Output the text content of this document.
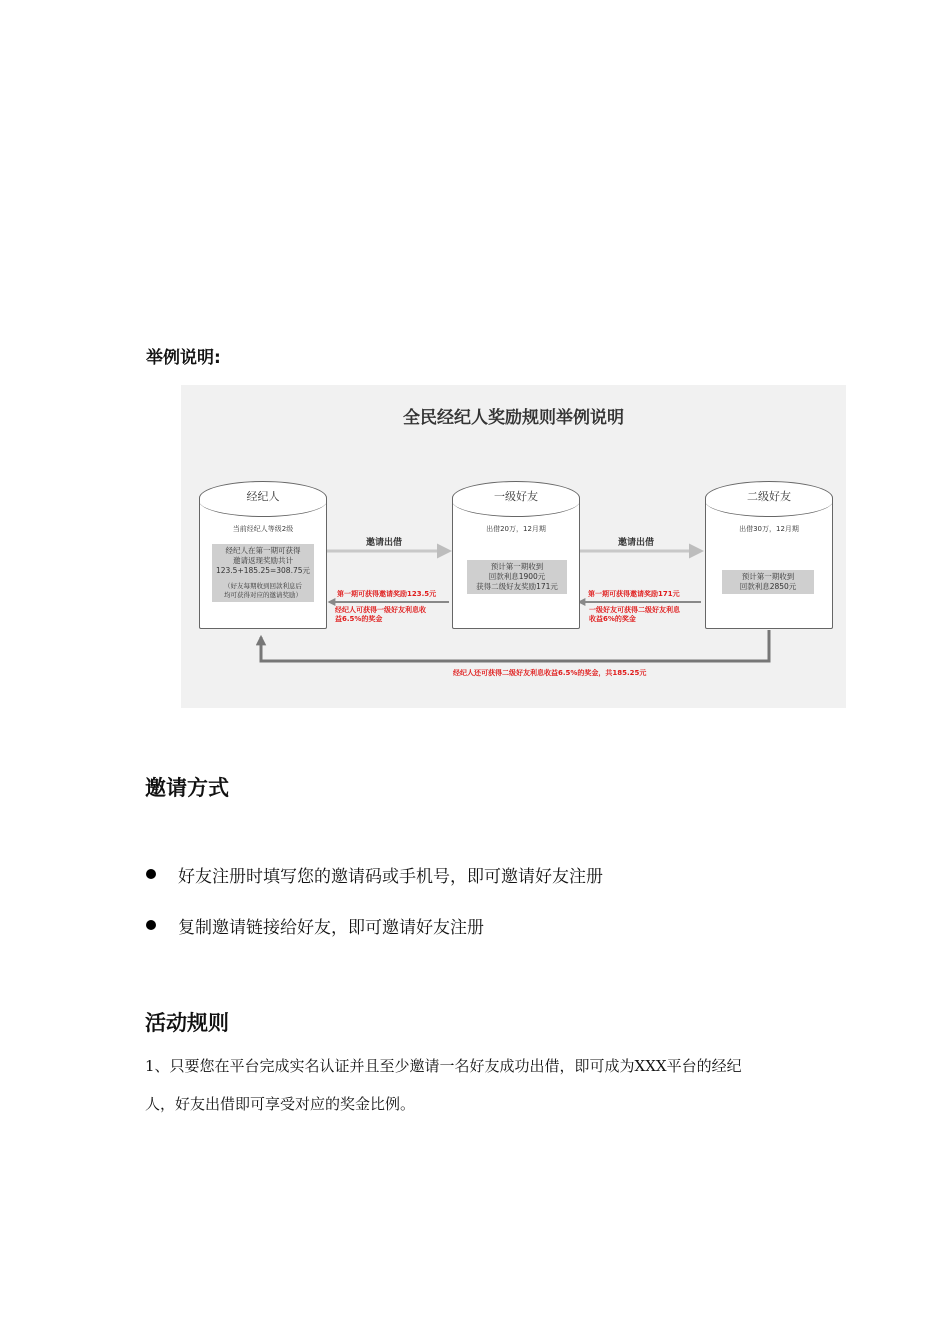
举例说明:
全民经纪人奖励规则举例说明
经纪人
当前经纪人等级2级
经纪人在第一期可获得
邀请返现奖励共计
123.5+185.25=308.75元
（好友每期收到回款利息后
均可获得对应的邀请奖励）
一级好友
出借20万，12月期
预计第一期收到
回款利息1900元
获得二级好友奖励171元
二级好友
出借30万，12月期
预计第一期收到
回款利息2850元
邀请出借	邀请出借
第一期可获得邀请奖励123.5元
经纪人可获得一级好友利息收
益6.5%的奖金
第一期可获得邀请奖励171元
一级好友可获得二级好友利息
收益6%的奖金
经纪人还可获得二级好友利息收益6.5%的奖金，共185.25元
邀请方式
好友注册时填写您的邀请码或手机号，即可邀请好友注册
复制邀请链接给好友，即可邀请好友注册
活动规则
1、只要您在平台完成实名认证并且至少邀请一名好友成功出借，即可成为XXX平台的经纪
人，好友出借即可享受对应的奖金比例。
